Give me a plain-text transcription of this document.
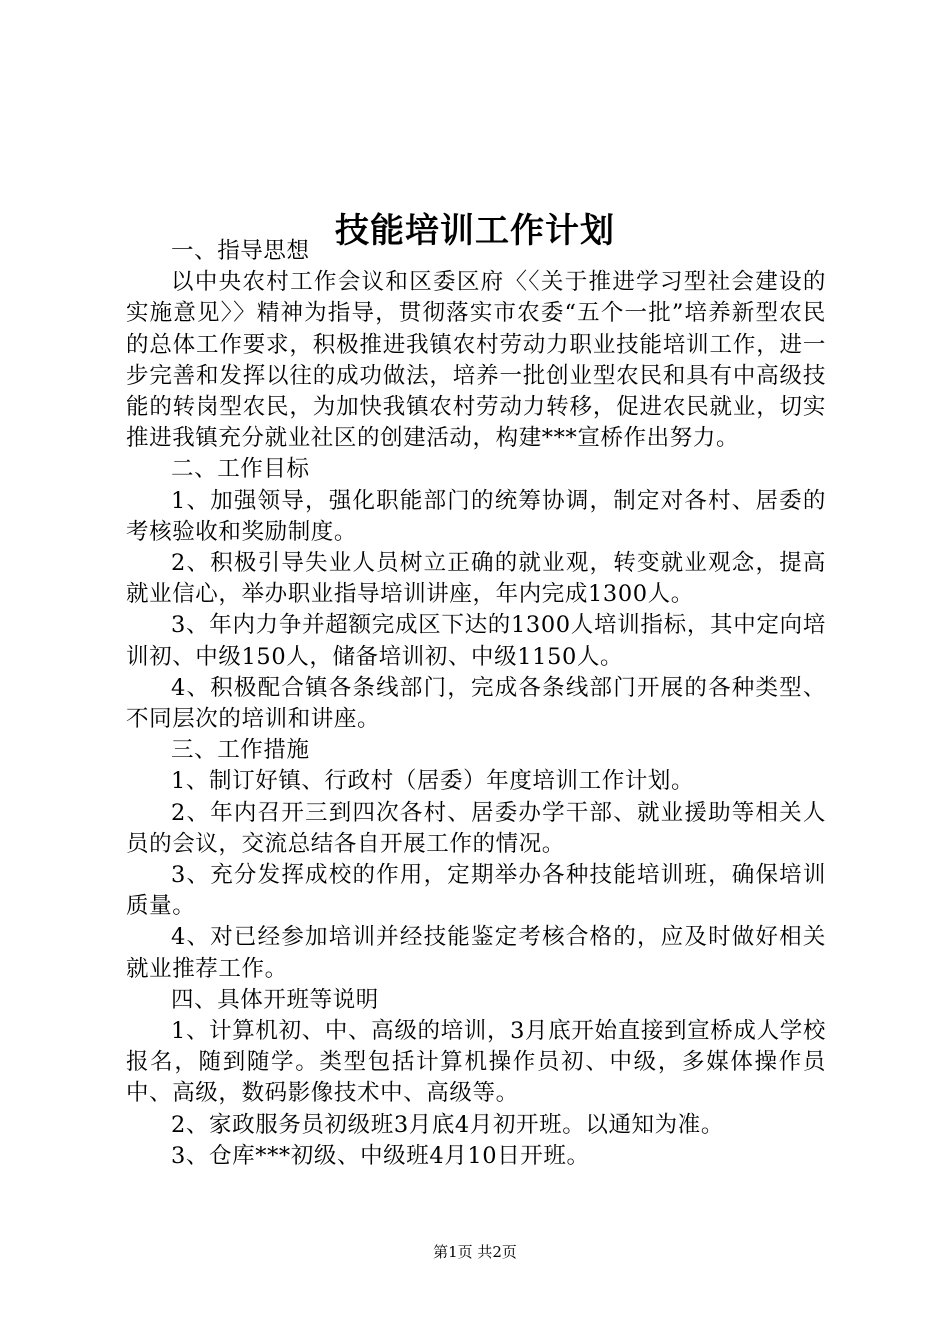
技能培训工作计划

一、指导思想

以中央农村工作会议和区委区府〈〈关于推进学习型社会建设的实施意见〉〉精神为指导，贯彻落实市农委“五个一批”培养新型农民的总体工作要求，积极推进我镇农村劳动力职业技能培训工作，进一步完善和发挥以往的成功做法，培养一批创业型农民和具有中高级技能的转岗型农民，为加快我镇农村劳动力转移，促进农民就业，切实推进我镇充分就业社区的创建活动，构建***宣桥作出努力。

二、工作目标

1、加强领导，强化职能部门的统筹协调，制定对各村、居委的考核验收和奖励制度。

2、积极引导失业人员树立正确的就业观，转变就业观念，提高就业信心，举办职业指导培训讲座，年内完成1300人。

3、年内力争并超额完成区下达的1300人培训指标，其中定向培训初、中级150人，储备培训初、中级1150人。

4、积极配合镇各条线部门，完成各条线部门开展的各种类型、不同层次的培训和讲座。

三、工作措施

1、制订好镇、行政村（居委）年度培训工作计划。

2、年内召开三到四次各村、居委办学干部、就业援助等相关人员的会议，交流总结各自开展工作的情况。

3、充分发挥成校的作用，定期举办各种技能培训班，确保培训质量。

4、对已经参加培训并经技能鉴定考核合格的，应及时做好相关就业推荐工作。

四、具体开班等说明

1、计算机初、中、高级的培训，3月底开始直接到宣桥成人学校报名，随到随学。类型包括计算机操作员初、中级，多媒体操作员中、高级，数码影像技术中、高级等。

2、家政服务员初级班3月底4月初开班。以通知为准。

3、仓库***初级、中级班4月10日开班。

第1页 共2页
